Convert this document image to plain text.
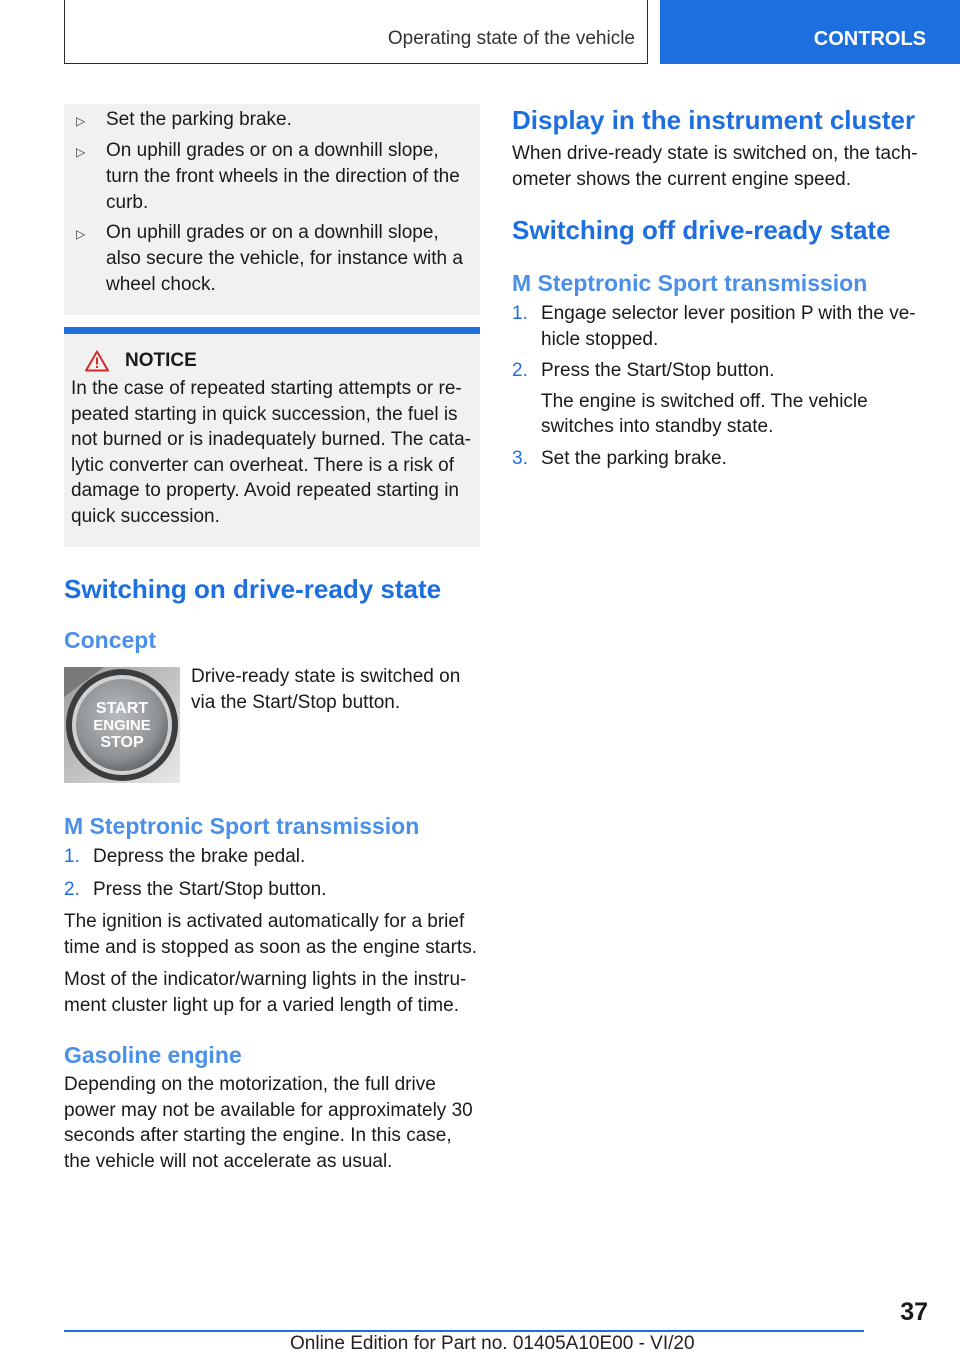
Operating state of the vehicle	CONTROLS
▷	Set the parking brake.
▷	On uphill grades or on a downhill slope, turn the front wheels in the direction of the curb.
▷	On uphill grades or on a downhill slope, also secure the vehicle, for instance with a wheel chock.
NOTICE

In the case of repeated starting attempts or re‐peated starting in quick succession, the fuel is not burned or is inadequately burned. The cata‐lytic converter can overheat. There is a risk of damage to property. Avoid repeated starting in quick succession.

Switching on drive-ready state
Concept
START
ENGINE
STOP

Drive-ready state is switched on via the Start/Stop button.

M Steptronic Sport transmission
1. Depress the brake pedal.
2. Press the Start/Stop button.

The ignition is activated automatically for a brief time and is stopped as soon as the engine starts.

Most of the indicator/warning lights in the instru‐ment cluster light up for a varied length of time.

Gasoline engine

Depending on the motorization, the full drive power may not be available for approximately 30 seconds after starting the engine. In this case, the vehicle will not accelerate as usual.

Display in the instrument cluster

When drive-ready state is switched on, the tach‐ometer shows the current engine speed.

Switching off drive-ready state
M Steptronic Sport transmission
1. Engage selector lever position P with the ve‐hicle stopped.
2. Press the Start/Stop button.

The engine is switched off. The vehicle switches into standby state.

3. Set the parking brake.
37
Online Edition for Part no. 01405A10E00 - VI/20
